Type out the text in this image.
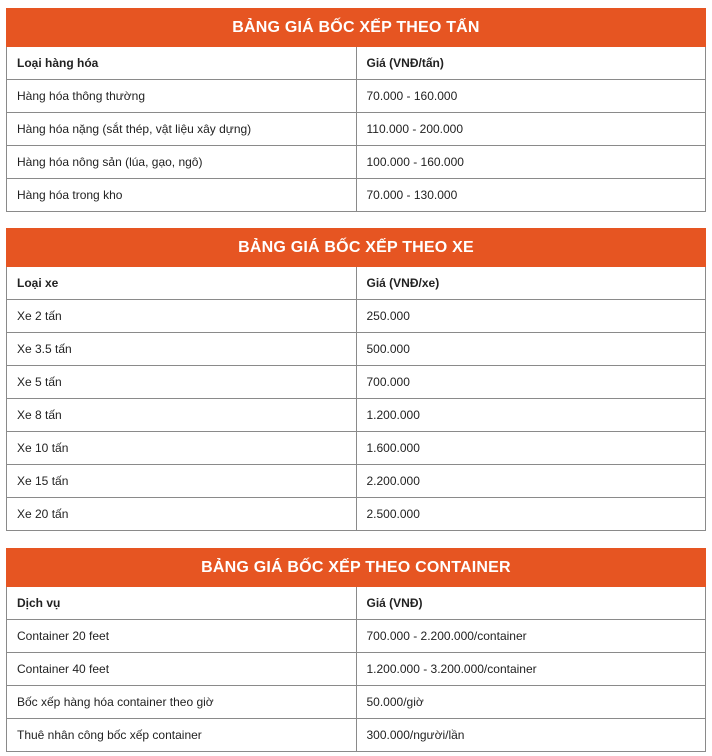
BẢNG GIÁ BỐC XẾP THEO TẤN	
Loại hàng hóa	Giá (VNĐ/tấn)
Hàng hóa thông thường	70.000 - 160.000
Hàng hóa nặng (sắt thép, vật liệu xây dựng)	110.000 - 200.000
Hàng hóa nông sản (lúa, gạo, ngô)	100.000 - 160.000
Hàng hóa trong kho	70.000 - 130.000
BẢNG GIÁ BỐC XẾP THEO XE	
Loại xe	Giá (VNĐ/xe)
Xe 2 tấn	250.000
Xe 3.5 tấn	500.000
Xe 5 tấn	700.000
Xe 8 tấn	1.200.000
Xe 10 tấn	1.600.000
Xe 15 tấn	2.200.000
Xe 20 tấn	2.500.000
BẢNG GIÁ BỐC XẾP THEO CONTAINER	
Dịch vụ	Giá (VNĐ)
Container 20 feet	700.000 - 2.200.000/container
Container 40 feet	1.200.000 - 3.200.000/container
Bốc xếp hàng hóa container theo giờ	50.000/giờ
Thuê nhân công bốc xếp container	300.000/người/lần
